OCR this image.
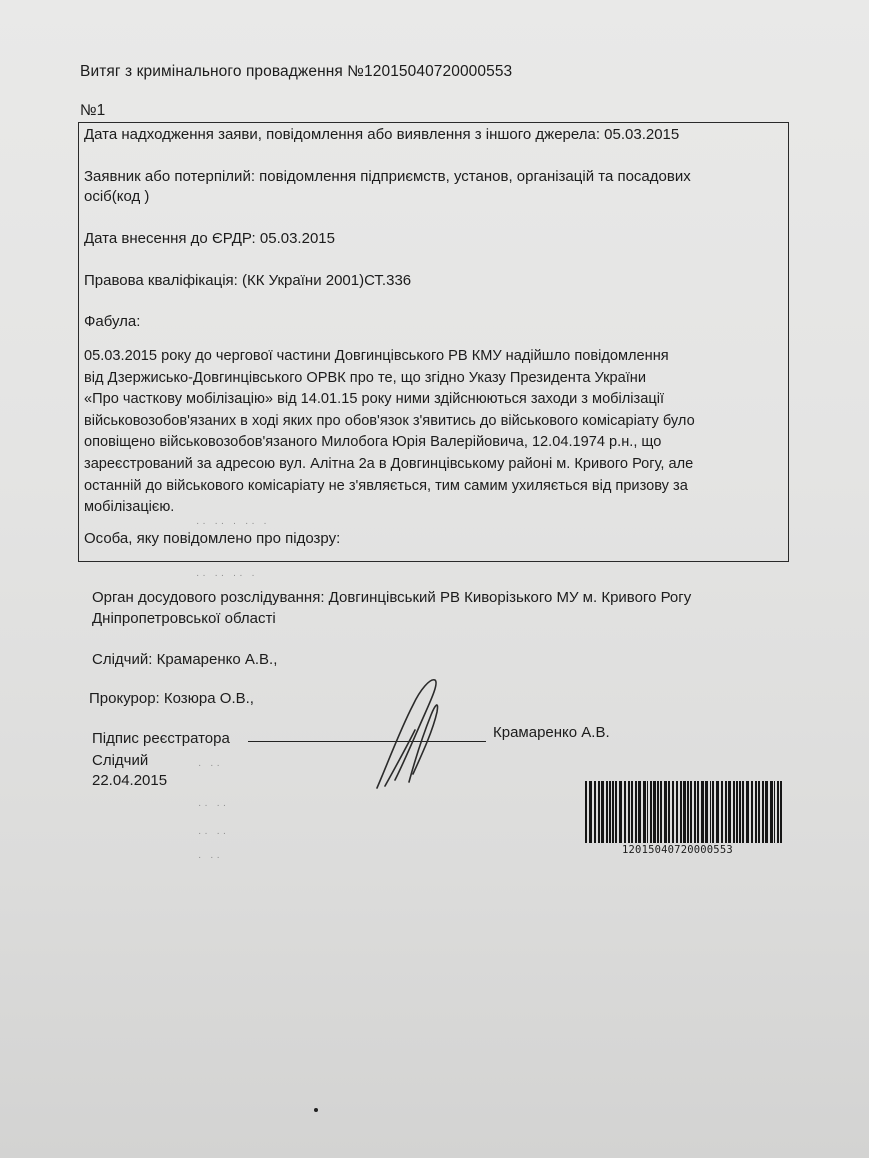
Витяг з кримінального провадження №12015040720000553
№1
Дата надходження заяви, повідомлення або виявлення з іншого джерела: 05.03.2015
Заявник або потерпілий: повідомлення підприємств, установ, організацій та посадових
осіб(код )
Дата внесення до ЄРДР: 05.03.2015
Правова кваліфікація: (КК України 2001)СТ.336
Фабула:
05.03.2015 року до чергової частини Довгинцівського РВ КМУ надійшло повідомлення
від Дзержисько-Довгинцівського ОРВК про те, що згідно Указу Президента України
«Про часткову мобілізацію» від 14.01.15 року ними здійснюються заходи з мобілізації
військовозобов'язаних в ході яких про обов'язок з'явитись до військового комісаріату було
оповіщено військовозобов'язаного Милобога Юрія Валерійовича, 12.04.1974 р.н., що
зареєстрований за адресою вул. Алітна 2а в Довгинцівському районі м. Кривого Рогу, але
останній до військового комісаріату не з'являється, тим самим ухиляється від призову за
мобілізацією.
Особа, яку повідомлено про підозру:
·· ·· · ·· ·
·· ·· ·· ·
Орган досудового розслідування: Довгинцівський РВ Киворізького МУ м. Кривого Рогу
Дніпропетровської області
Слідчий: Крамаренко А.В.,
Прокурор: Козюра О.В.,
Підпис реєстратора	Крамаренко А.В.
Слідчий
22.04.2015
· ··
·· ··
·· ··
· ··
12015040720000553
